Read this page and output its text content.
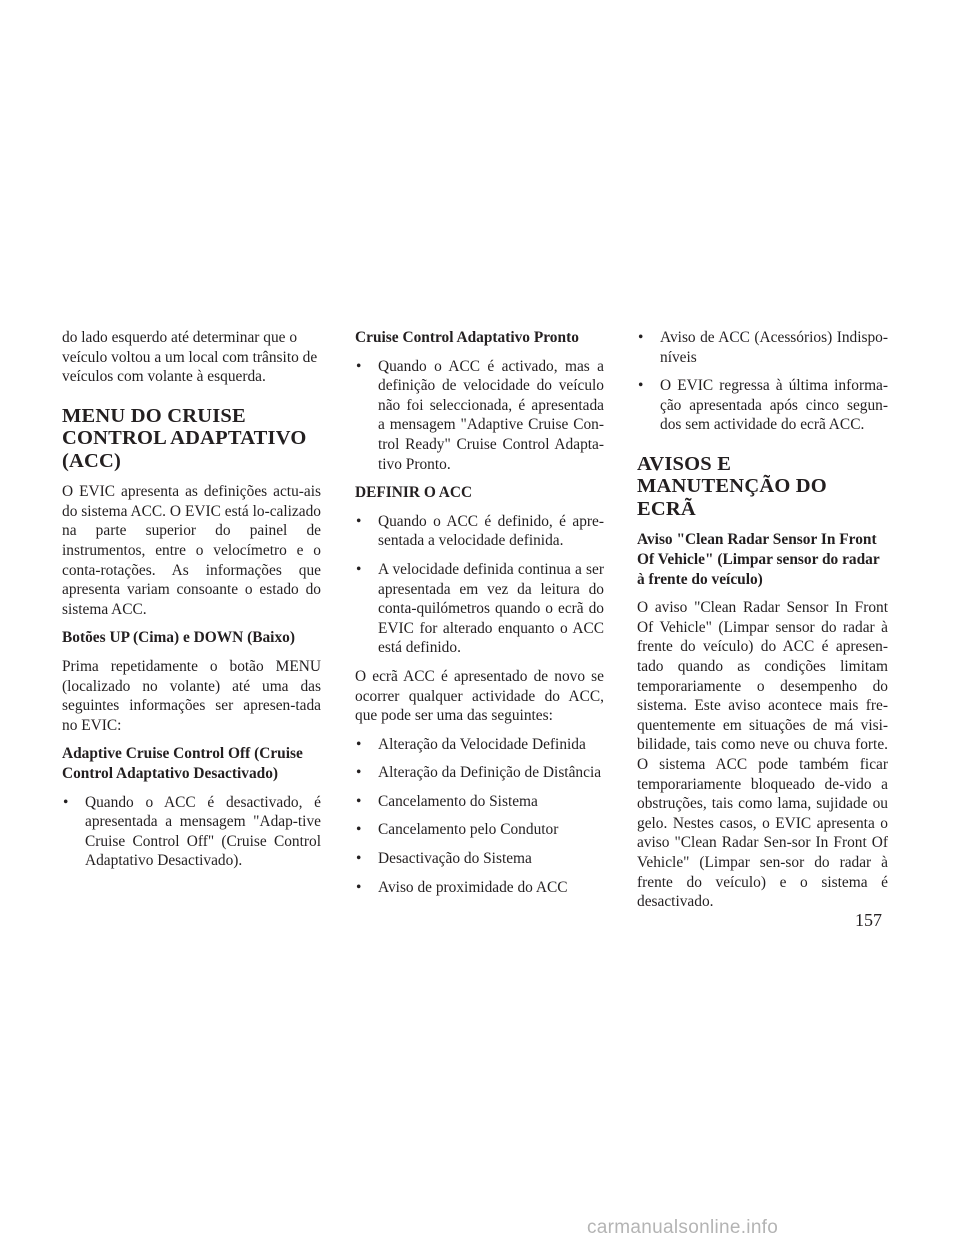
do lado esquerdo até determinar que o veículo voltou a um local com trânsito de veículos com volante à esquerda.

MENU DO CRUISE CONTROL ADAPTATIVO (ACC)

O EVIC apresenta as definições actu-ais do sistema ACC. O EVIC está lo-calizado na parte superior do painel de instrumentos, entre o velocímetro e o conta-rotações. As informações que apresenta variam consoante o estado do sistema ACC.

Botões UP (Cima) e DOWN (Baixo)

Prima repetidamente o botão MENU (localizado no volante) até uma das seguintes informações ser apresen-tada no EVIC:

Adaptive Cruise Control Off (Cruise Control Adaptativo Desactivado)
• Quando o ACC é desactivado, é apresentada a mensagem "Adap-tive Cruise Control Off" (Cruise Control Adaptativo Desactivado).
Cruise Control Adaptativo Pronto
• Quando o ACC é activado, mas a definição de velocidade do veículo não foi seleccionada, é apresentada a mensagem "Adaptive Cruise Con-trol Ready" Cruise Control Adapta-tivo Pronto.
DEFINIR O ACC
• Quando o ACC é definido, é apre-sentada a velocidade definida.
• A velocidade definida continua a ser apresentada em vez da leitura do conta-quilómetros quando o ecrã do EVIC for alterado enquanto o ACC está definido.

O ecrã ACC é apresentado de novo se ocorrer qualquer actividade do ACC, que pode ser uma das seguintes:

• Alteração da Velocidade Definida
• Alteração da Definição de Distância
• Cancelamento do Sistema
• Cancelamento pelo Condutor
• Desactivação do Sistema
• Aviso de proximidade do ACC
• Aviso de ACC (Acessórios) Indispo-níveis
• O EVIC regressa à última informa-ção apresentada após cinco segun-dos sem actividade do ecrã ACC.
AVISOS E MANUTENÇÃO DO ECRÃ
Aviso "Clean Radar Sensor In Front Of Vehicle" (Limpar sensor do radar à frente do veículo)

O aviso "Clean Radar Sensor In Front Of Vehicle" (Limpar sensor do radar à frente do veículo) do ACC é apresen-tado quando as condições limitam temporariamente o desempenho do sistema. Este aviso acontece mais fre-quentemente em situações de má visi-bilidade, tais como neve ou chuva forte. O sistema ACC pode também ficar temporariamente bloqueado de-vido a obstruções, tais como lama, sujidade ou gelo. Nestes casos, o EVIC apresenta o aviso "Clean Radar Sen-sor In Front Of Vehicle" (Limpar sen-sor do radar à frente do veículo) e o sistema é desactivado.

157
carmanualsonline.info
